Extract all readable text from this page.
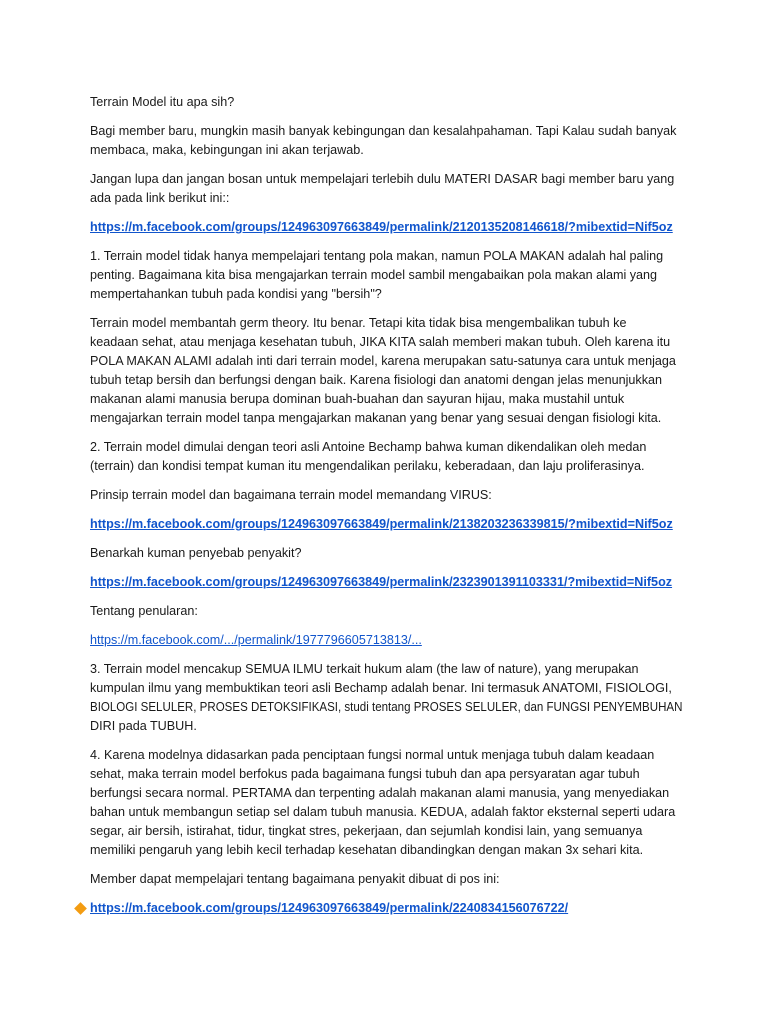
Terrain Model itu apa sih?

Bagi member baru, mungkin masih banyak kebingungan dan kesalahpahaman. Tapi Kalau sudah banyak
membaca, maka, kebingungan ini akan terjawab.

Jangan lupa dan jangan bosan untuk mempelajari terlebih dulu MATERI DASAR bagi member baru yang
ada pada link berikut ini::

https://m.facebook.com/groups/124963097663849/permalink/2120135208146618/?mibextid=Nif5oz

1. Terrain model tidak hanya mempelajari tentang pola makan, namun POLA MAKAN adalah hal paling
penting. Bagaimana kita bisa mengajarkan terrain model sambil mengabaikan pola makan alami yang
mempertahankan tubuh pada kondisi yang "bersih"?

Terrain model membantah germ theory. Itu benar. Tetapi kita tidak bisa mengembalikan tubuh ke
keadaan sehat, atau menjaga kesehatan tubuh, JIKA KITA salah memberi makan tubuh. Oleh karena itu
POLA MAKAN ALAMI adalah inti dari terrain model, karena merupakan satu-satunya cara untuk menjaga
tubuh tetap bersih dan berfungsi dengan baik. Karena fisiologi dan anatomi dengan jelas menunjukkan
makanan alami manusia berupa dominan buah-buahan dan sayuran hijau, maka mustahil untuk
mengajarkan terrain model tanpa mengajarkan makanan yang benar yang sesuai dengan fisiologi kita.

2. Terrain model dimulai dengan teori asli Antoine Bechamp bahwa kuman dikendalikan oleh medan
(terrain) dan kondisi tempat kuman itu mengendalikan perilaku, keberadaan, dan laju proliferasinya.

Prinsip terrain model dan bagaimana terrain model memandang VIRUS:

https://m.facebook.com/groups/124963097663849/permalink/2138203236339815/?mibextid=Nif5oz

Benarkah kuman penyebab penyakit?

https://m.facebook.com/groups/124963097663849/permalink/2323901391103331/?mibextid=Nif5oz

Tentang penularan:

https://m.facebook.com/.../permalink/1977796605713813/...

3. Terrain model mencakup SEMUA ILMU terkait hukum alam (the law of nature), yang merupakan
kumpulan ilmu yang membuktikan teori asli Bechamp adalah benar. Ini termasuk ANATOMI, FISIOLOGI,
BIOLOGI SELULER, PROSES DETOKSIFIKASI, studi tentang PROSES SELULER, dan FUNGSI PENYEMBUHAN
DIRI pada TUBUH.

4. Karena modelnya didasarkan pada penciptaan fungsi normal untuk menjaga tubuh dalam keadaan
sehat, maka terrain model berfokus pada bagaimana fungsi tubuh dan apa persyaratan agar tubuh
berfungsi secara normal. PERTAMA dan terpenting adalah makanan alami manusia, yang menyediakan
bahan untuk membangun setiap sel dalam tubuh manusia. KEDUA, adalah faktor eksternal seperti udara
segar, air bersih, istirahat, tidur, tingkat stres, pekerjaan, dan sejumlah kondisi lain, yang semuanya
memiliki pengaruh yang lebih kecil terhadap kesehatan dibandingkan dengan makan 3x sehari kita.

Member dapat mempelajari tentang bagaimana penyakit dibuat di pos ini:

https://m.facebook.com/groups/124963097663849/permalink/2240834156076722/
